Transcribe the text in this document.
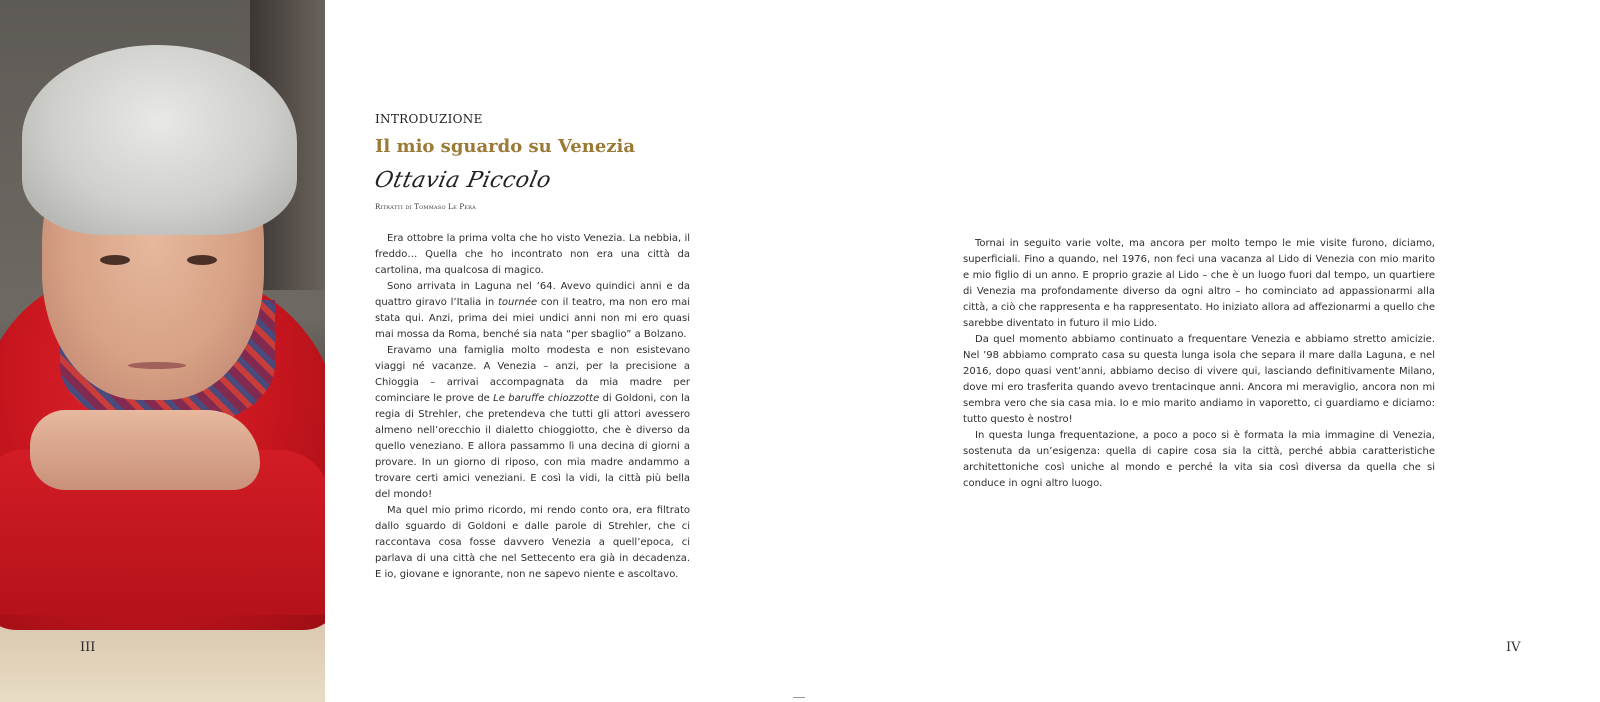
III
INTRODUZIONE
Il mio sguardo su Venezia
Ottavia Piccolo
Ritratti di Tommaso Le Pera

Era ottobre la prima volta che ho visto Venezia. La nebbia, il freddo… Quella che ho incontrato non era una città da cartolina, ma qualcosa di magico.

Sono arrivata in Laguna nel ’64. Avevo quindici anni e da quattro giravo l’Italia in tournée con il teatro, ma non ero mai stata qui. Anzi, prima dei miei undici anni non mi ero quasi mai mossa da Roma, benché sia nata “per sbaglio” a Bolzano.

Eravamo una famiglia molto modesta e non esistevano viaggi né vacanze. A Venezia – anzi, per la precisione a Chioggia – arrivai accompagnata da mia madre per cominciare le prove de Le baruffe chiozzotte di Goldoni, con la regia di Strehler, che pretendeva che tutti gli attori avessero almeno nell’orecchio il dialetto chioggiotto, che è diverso da quello veneziano. E allora passammo lì una decina di giorni a provare. In un giorno di riposo, con mia madre andammo a trovare certi amici veneziani. E così la vidi, la città più bella del mondo!

Ma quel mio primo ricordo, mi rendo conto ora, era filtrato dallo sguardo di Goldoni e dalle parole di Strehler, che ci raccontava cosa fosse davvero Venezia a quell’epoca, ci parlava di una città che nel Settecento era già in decadenza. E io, giovane e ignorante, non ne sapevo niente e ascoltavo.

Tornai in seguito varie volte, ma ancora per molto tempo le mie visite furono, diciamo, superficiali. Fino a quando, nel 1976, non feci una vacanza al Lido di Venezia con mio marito e mio figlio di un anno. E proprio grazie al Lido – che è un luogo fuori dal tempo, un quartiere di Venezia ma profondamente diverso da ogni altro – ho cominciato ad appassionarmi alla città, a ciò che rappresenta e ha rappresentato. Ho iniziato allora ad affezionarmi a quello che sarebbe diventato in futuro il mio Lido.

Da quel momento abbiamo continuato a frequentare Venezia e abbiamo stretto amicizie. Nel ’98 abbiamo comprato casa su questa lunga isola che separa il mare dalla Laguna, e nel 2016, dopo quasi vent’anni, abbiamo deciso di vivere qui, lasciando definitivamente Milano, dove mi ero trasferita quando avevo trentacinque anni. Ancora mi meraviglio, ancora non mi sembra vero che sia casa mia. Io e mio marito andiamo in vaporetto, ci guardiamo e diciamo: tutto questo è nostro!

In questa lunga frequentazione, a poco a poco si è formata la mia immagine di Venezia, sostenuta da un’esigenza: quella di capire cosa sia la città, perché abbia caratteristiche architettoniche così uniche al mondo e perché la vita sia così diversa da quella che si conduce in ogni altro luogo.

IV
